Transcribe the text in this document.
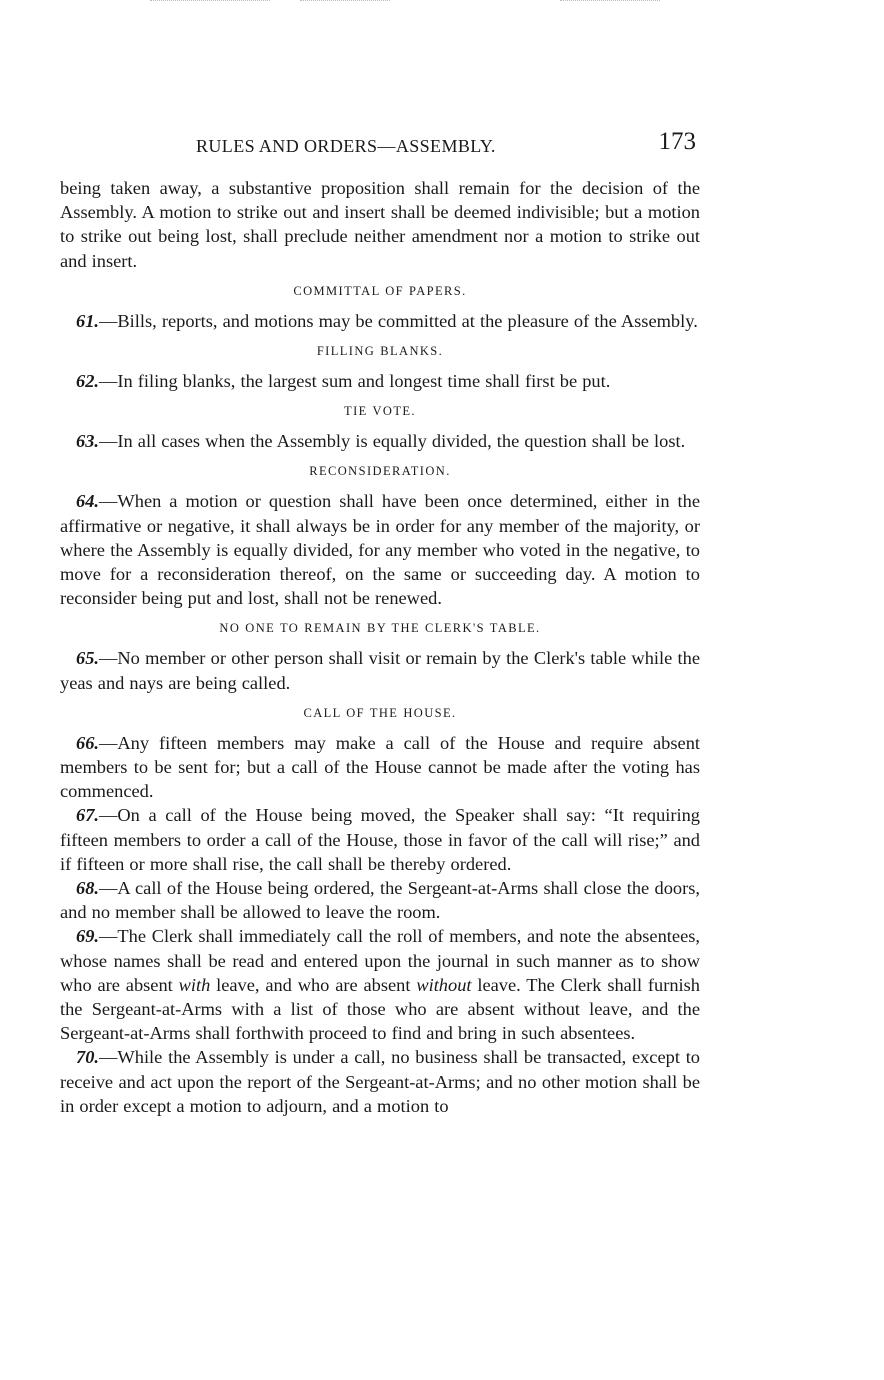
RULES AND ORDERS—ASSEMBLY.	173

being taken away, a substantive proposition shall remain for the decision of the Assembly. A motion to strike out and insert shall be deemed indivisible; but a motion to strike out being lost, shall preclude neither amendment nor a motion to strike out and insert.

COMMITTAL OF PAPERS.

61.—Bills, reports, and motions may be committed at the pleasure of the Assembly.

FILLING BLANKS.

62.—In filing blanks, the largest sum and longest time shall first be put.

TIE VOTE.

63.—In all cases when the Assembly is equally divided, the question shall be lost.

RECONSIDERATION.

64.—When a motion or question shall have been once determined, either in the affirmative or negative, it shall always be in order for any member of the majority, or where the Assembly is equally divided, for any member who voted in the negative, to move for a reconsideration thereof, on the same or succeeding day. A motion to reconsider being put and lost, shall not be renewed.

NO ONE TO REMAIN BY THE CLERK'S TABLE.

65.—No member or other person shall visit or remain by the Clerk's table while the yeas and nays are being called.

CALL OF THE HOUSE.

66.—Any fifteen members may make a call of the House and require absent members to be sent for; but a call of the House cannot be made after the voting has commenced.

67.—On a call of the House being moved, the Speaker shall say: “It requiring fifteen members to order a call of the House, those in favor of the call will rise;” and if fifteen or more shall rise, the call shall be thereby ordered.

68.—A call of the House being ordered, the Sergeant-at-Arms shall close the doors, and no member shall be allowed to leave the room.

69.—The Clerk shall immediately call the roll of members, and note the absentees, whose names shall be read and entered upon the journal in such manner as to show who are absent with leave, and who are absent without leave. The Clerk shall furnish the Sergeant-at-Arms with a list of those who are absent without leave, and the Sergeant-at-Arms shall forthwith proceed to find and bring in such absentees.

70.—While the Assembly is under a call, no business shall be transacted, except to receive and act upon the report of the Sergeant-at-Arms; and no other motion shall be in order except a motion to adjourn, and a motion to
